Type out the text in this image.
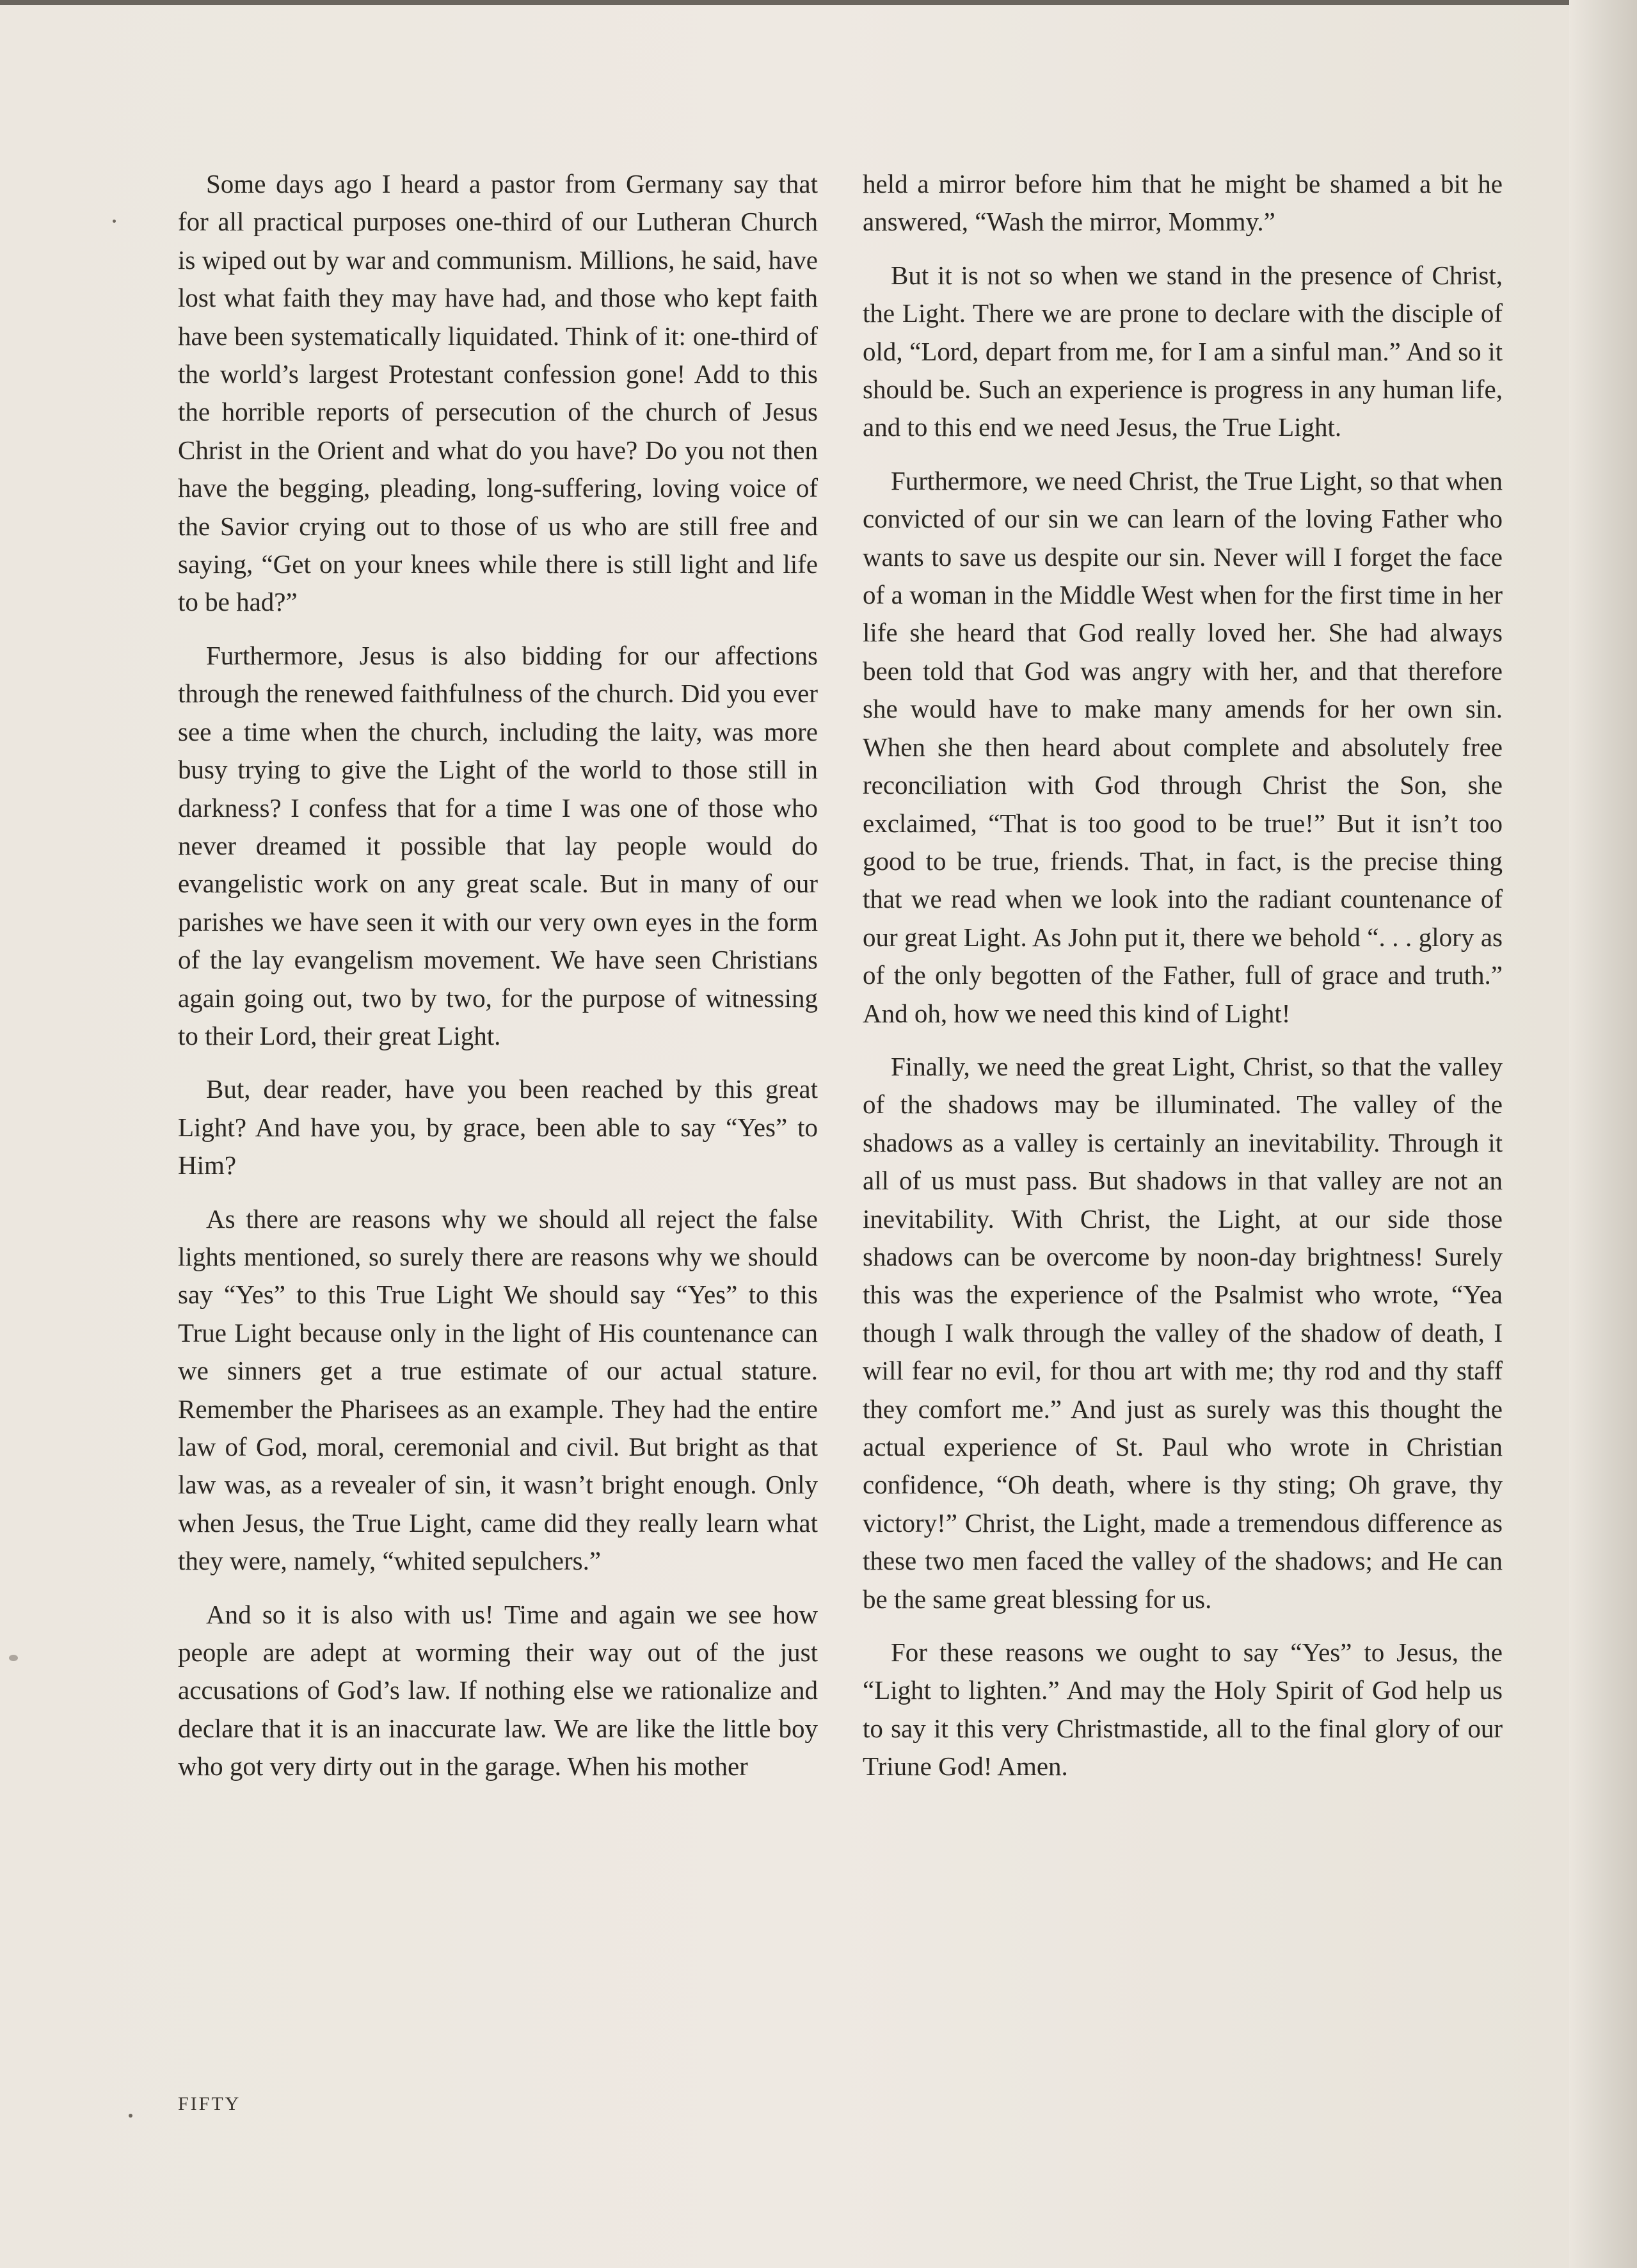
Some days ago I heard a pastor from Germany say that for all practical purposes one-third of our Lutheran Church is wiped out by war and communism. Millions, he said, have lost what faith they may have had, and those who kept faith have been systematically liquidated. Think of it: one-third of the world’s largest Protestant confession gone! Add to this the horrible reports of persecution of the church of Jesus Christ in the Orient and what do you have? Do you not then have the begging, pleading, long-suffering, loving voice of the Savior crying out to those of us who are still free and saying, “Get on your knees while there is still light and life to be had?”

Furthermore, Jesus is also bidding for our affections through the renewed faithfulness of the church. Did you ever see a time when the church, including the laity, was more busy trying to give the Light of the world to those still in darkness? I confess that for a time I was one of those who never dreamed it possible that lay people would do evangelistic work on any great scale. But in many of our parishes we have seen it with our very own eyes in the form of the lay evangelism movement. We have seen Christians again going out, two by two, for the purpose of witnessing to their Lord, their great Light.

But, dear reader, have you been reached by this great Light? And have you, by grace, been able to say “Yes” to Him?

As there are reasons why we should all reject the false lights mentioned, so surely there are reasons why we should say “Yes” to this True Light We should say “Yes” to this True Light because only in the light of His countenance can we sinners get a true estimate of our actual stature. Remember the Pharisees as an example. They had the entire law of God, moral, ceremonial and civil. But bright as that law was, as a revealer of sin, it wasn’t bright enough. Only when Jesus, the True Light, came did they really learn what they were, namely, “whited sepulchers.”

And so it is also with us! Time and again we see how people are adept at worming their way out of the just accusations of God’s law. If nothing else we rationalize and declare that it is an inaccurate law. We are like the little boy who got very dirty out in the garage. When his mother

held a mirror before him that he might be shamed a bit he answered, “Wash the mirror, Mommy.”

But it is not so when we stand in the presence of Christ, the Light. There we are prone to declare with the disciple of old, “Lord, depart from me, for I am a sinful man.” And so it should be. Such an experience is progress in any human life, and to this end we need Jesus, the True Light.

Furthermore, we need Christ, the True Light, so that when convicted of our sin we can learn of the loving Father who wants to save us despite our sin. Never will I forget the face of a woman in the Middle West when for the first time in her life she heard that God really loved her. She had always been told that God was angry with her, and that therefore she would have to make many amends for her own sin. When she then heard about complete and absolutely free reconciliation with God through Christ the Son, she exclaimed, “That is too good to be true!” But it isn’t too good to be true, friends. That, in fact, is the precise thing that we read when we look into the radiant countenance of our great Light. As John put it, there we behold “. . . glory as of the only begotten of the Father, full of grace and truth.” And oh, how we need this kind of Light!

Finally, we need the great Light, Christ, so that the valley of the shadows may be illuminated. The valley of the shadows as a valley is certainly an inevitability. Through it all of us must pass. But shadows in that valley are not an inevitability. With Christ, the Light, at our side those shadows can be overcome by noon-day brightness! Surely this was the experience of the Psalmist who wrote, “Yea though I walk through the valley of the shadow of death, I will fear no evil, for thou art with me; thy rod and thy staff they comfort me.” And just as surely was this thought the actual experience of St. Paul who wrote in Christian confidence, “Oh death, where is thy sting; Oh grave, thy victory!” Christ, the Light, made a tremendous difference as these two men faced the valley of the shadows; and He can be the same great blessing for us.

For these reasons we ought to say “Yes” to Jesus, the “Light to lighten.” And may the Holy Spirit of God help us to say it this very Christmastide, all to the final glory of our Triune God! Amen.

FIFTY
